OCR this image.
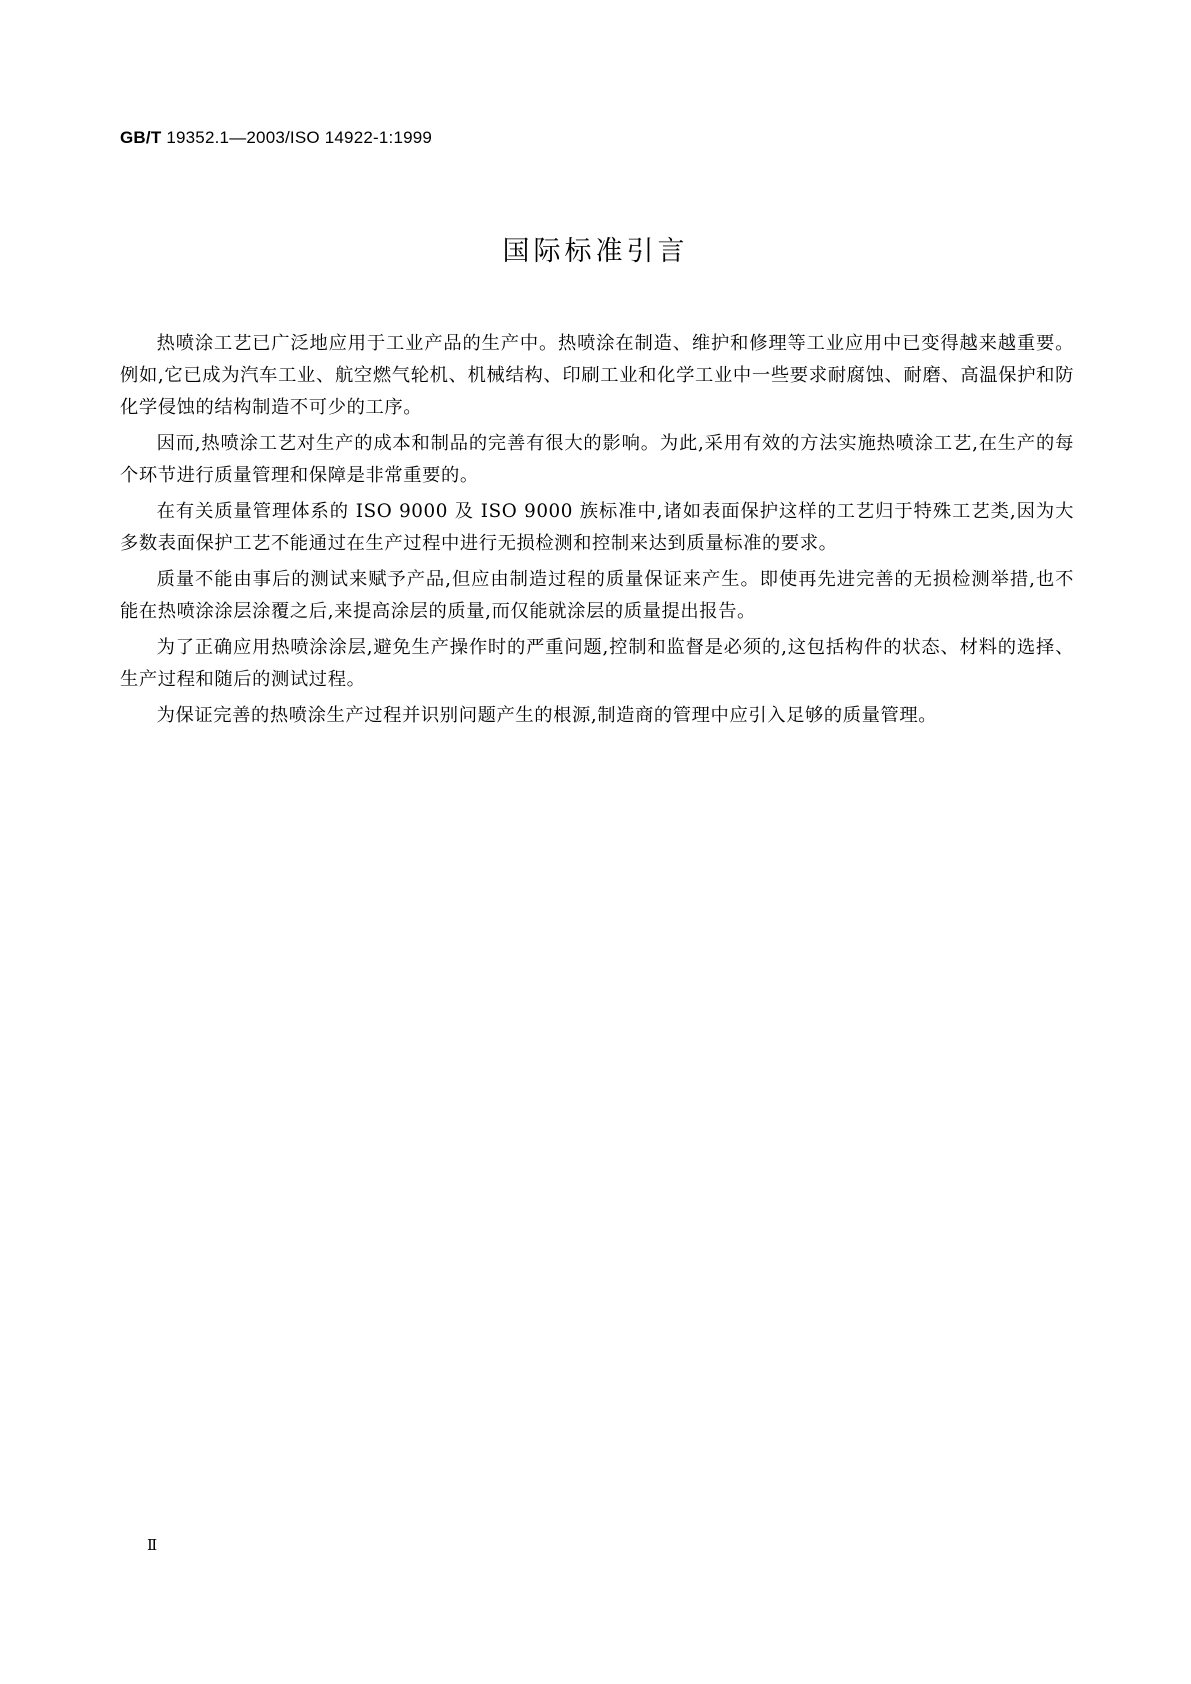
GB/T 19352.1—2003/ISO 14922-1:1999
国际标准引言

热喷涂工艺已广泛地应用于工业产品的生产中。热喷涂在制造、维护和修理等工业应用中已变得越来越重要。例如,它已成为汽车工业、航空燃气轮机、机械结构、印刷工业和化学工业中一些要求耐腐蚀、耐磨、高温保护和防化学侵蚀的结构制造不可少的工序。

因而,热喷涂工艺对生产的成本和制品的完善有很大的影响。为此,采用有效的方法实施热喷涂工艺,在生产的每个环节进行质量管理和保障是非常重要的。

在有关质量管理体系的 ISO 9000 及 ISO 9000 族标准中,诸如表面保护这样的工艺归于特殊工艺类,因为大多数表面保护工艺不能通过在生产过程中进行无损检测和控制来达到质量标准的要求。

质量不能由事后的测试来赋予产品,但应由制造过程的质量保证来产生。即使再先进完善的无损检测举措,也不能在热喷涂涂层涂覆之后,来提高涂层的质量,而仅能就涂层的质量提出报告。

为了正确应用热喷涂涂层,避免生产操作时的严重问题,控制和监督是必须的,这包括构件的状态、材料的选择、生产过程和随后的测试过程。

为保证完善的热喷涂生产过程并识别问题产生的根源,制造商的管理中应引入足够的质量管理。

Ⅱ
